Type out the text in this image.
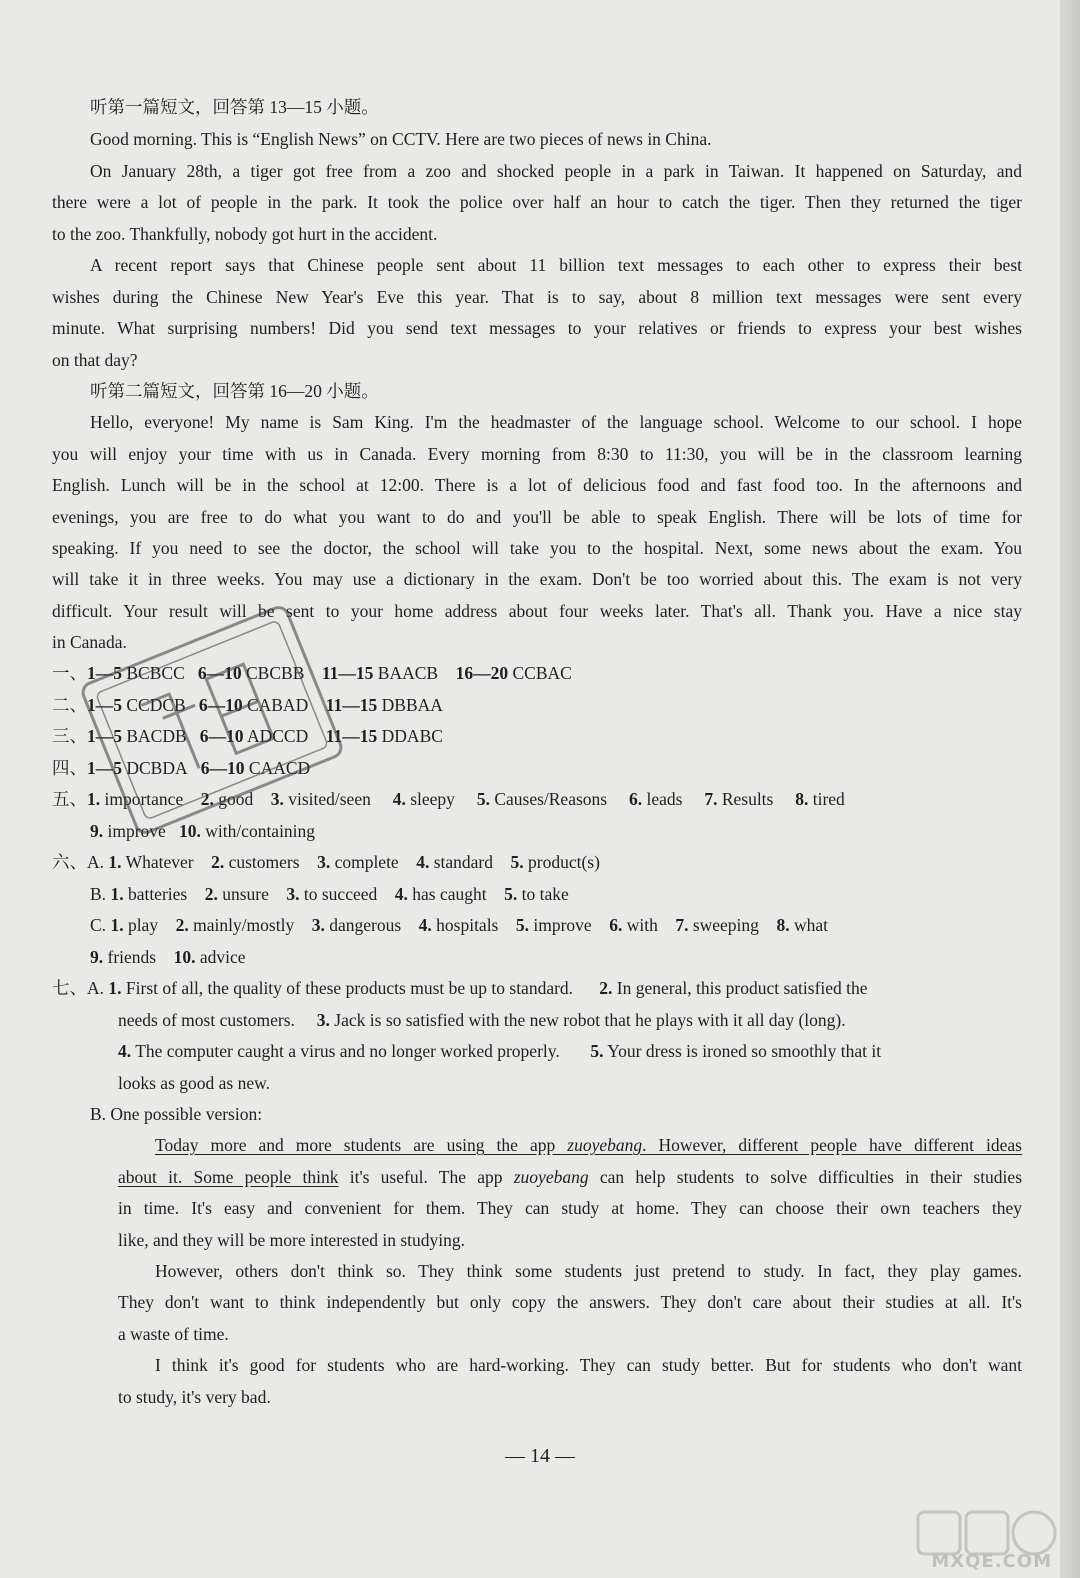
听第一篇短文，回答第 13—15 小题。
Good morning. This is “English News” on CCTV. Here are two pieces of news in China.
On January 28th, a tiger got free from a zoo and shocked people in a park in Taiwan. It happened on Saturday, and
there were a lot of people in the park. It took the police over half an hour to catch the tiger. Then they returned the tiger
to the zoo. Thankfully, nobody got hurt in the accident.
A recent report says that Chinese people sent about 11 billion text messages to each other to express their best
wishes during the Chinese New Year's Eve this year. That is to say, about 8 million text messages were sent every
minute. What surprising numbers! Did you send text messages to your relatives or friends to express your best wishes
on that day?
听第二篇短文，回答第 16—20 小题。
Hello, everyone! My name is Sam King. I'm the headmaster of the language school. Welcome to our school. I hope
you will enjoy your time with us in Canada. Every morning from 8:30 to 11:30, you will be in the classroom learning
English. Lunch will be in the school at 12:00. There is a lot of delicious food and fast food too. In the afternoons and
evenings, you are free to do what you want to do and you'll be able to speak English. There will be lots of time for
speaking. If you need to see the doctor, the school will take you to the hospital. Next, some news about the exam. You
will take it in three weeks. You may use a dictionary in the exam. Don't be too worried about this. The exam is not very
difficult. Your result will be sent to your home address about four weeks later. That's all. Thank you. Have a nice stay
in Canada.
一、1—5 BCBCC 6—10 CBCBB 11—15 BAACB 16—20 CCBAC
二、1—5 CCDCB 6—10 CABAD 11—15 DBBAA
三、1—5 BACDB 6—10 ADCCD 11—15 DDABC
四、1—5 DCBDA 6—10 CAACD
五、1. importance 2. good 3. visited/seen 4. sleepy 5. Causes/Reasons 6. leads 7. Results 8. tired
9. improve 10. with/containing
六、A. 1. Whatever 2. customers 3. complete 4. standard 5. product(s)
B. 1. batteries 2. unsure 3. to succeed 4. has caught 5. to take
C. 1. play 2. mainly/mostly 3. dangerous 4. hospitals 5. improve 6. with 7. sweeping 8. what
9. friends 10. advice
七、A. 1. First of all, the quality of these products must be up to standard. 2. In general, this product satisfied the
needs of most customers. 3. Jack is so satisfied with the new robot that he plays with it all day (long).
4. The computer caught a virus and no longer worked properly. 5. Your dress is ironed so smoothly that it
looks as good as new.
B. One possible version:
Today more and more students are using the app zuoyebang. However, different people have different ideas
about it. Some people think it's useful. The app zuoyebang can help students to solve difficulties in their studies
in time. It's easy and convenient for them. They can study at home. They can choose their own teachers they
like, and they will be more interested in studying.
However, others don't think so. They think some students just pretend to study. In fact, they play games.
They don't want to think independently but only copy the answers. They don't care about their studies at all. It's
a waste of time.
I think it's good for students who are hard-working. They can study better. But for students who don't want
to study, it's very bad.
— 14 —
MXQE.COM
